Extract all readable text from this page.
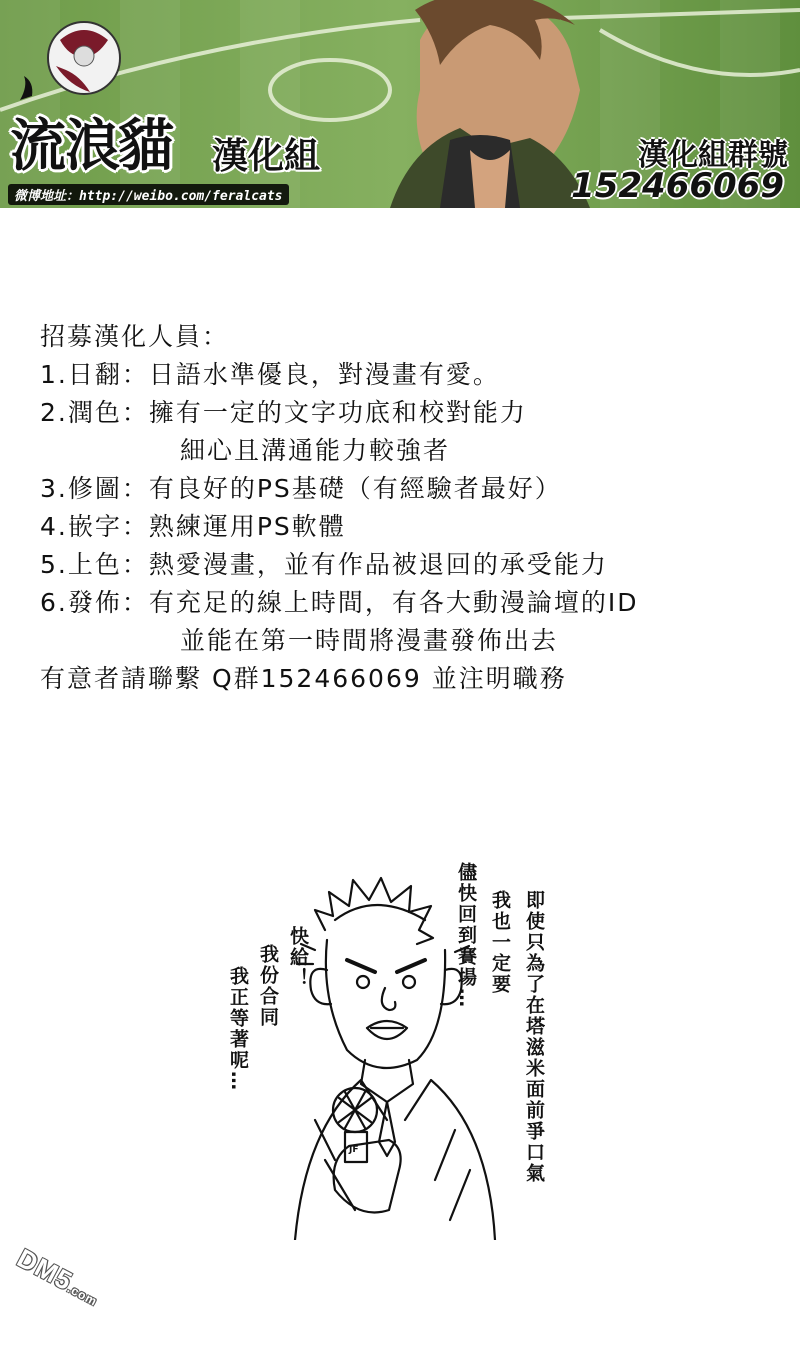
流浪貓 漢化組
微博地址：http://weibo.com/feralcats
漢化組群號
152466069
招募漢化人員：
1.日翻：日語水準優良，對漫畫有愛。
2.潤色：擁有一定的文字功底和校對能力
細心且溝通能力較強者
3.修圖：有良好的PS基礎（有經驗者最好）
4.嵌字：熟練運用PS軟體
5.上色：熱愛漫畫，並有作品被退回的承受能力
6.發佈：有充足的線上時間，有各大動漫論壇的ID
並能在第一時間將漫畫發佈出去
有意者請聯繫 Q群152466069 並注明職務
JF	即使只為了在塔滋米面前爭口氣
我也一定要
儘快回到賽場…
快給！
我份合同
我正等著呢…
DM5.com
